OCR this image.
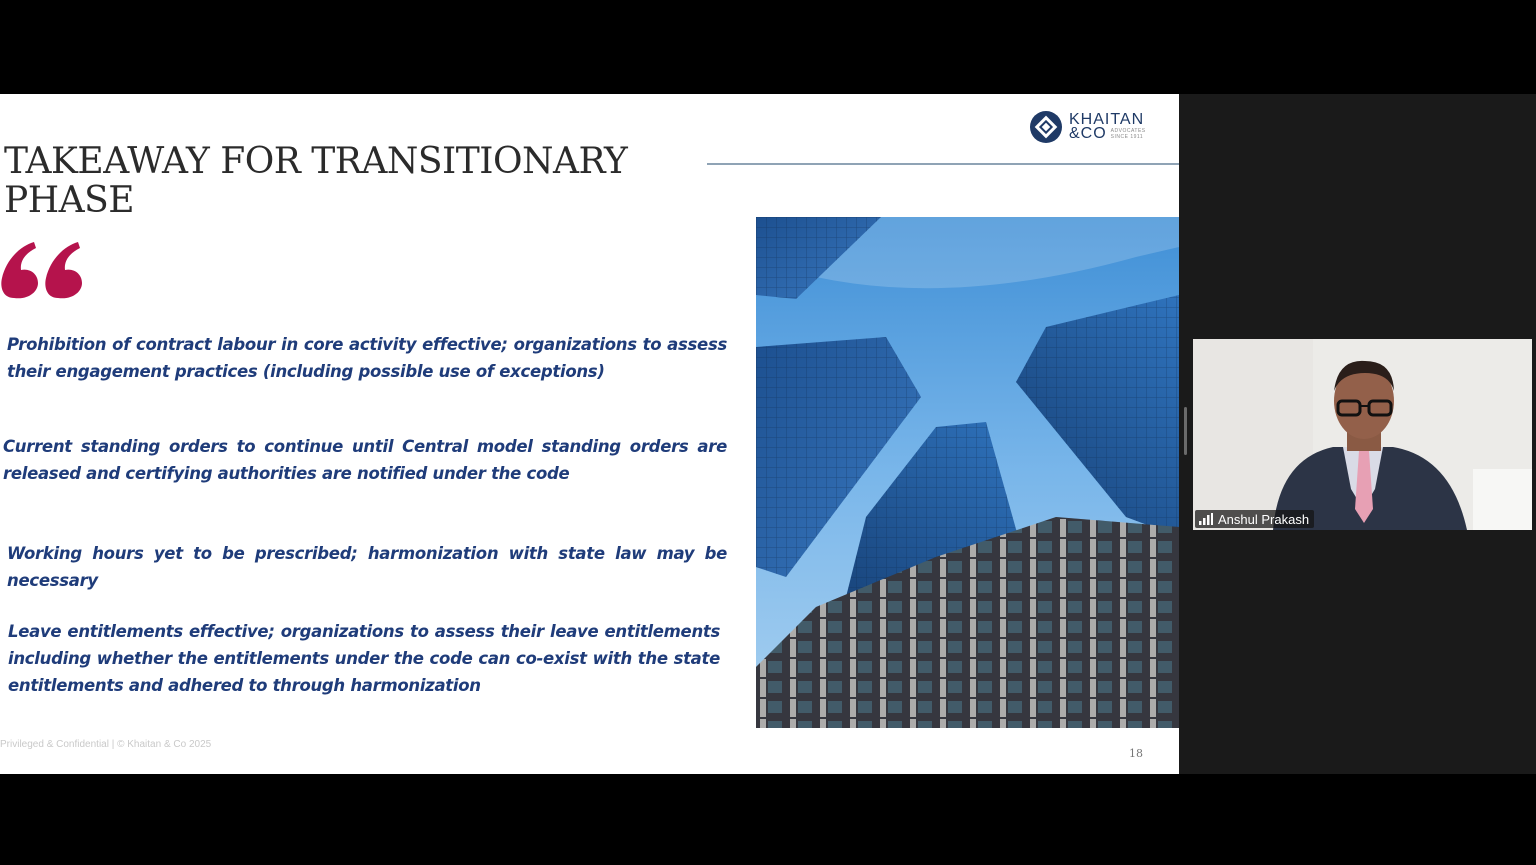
TAKEAWAY FOR TRANSITIONARY
PHASE
KHAITAN
&CO ADVOCATES
SINCE 1911
Prohibition of contract labour in core activity effective; organizations to assess their engagement practices (including possible use of exceptions)
Current standing orders to continue until Central model standing orders are released and certifying authorities are notified under the code
Working hours yet to be prescribed; harmonization with state law may be necessary
Leave entitlements effective; organizations to assess their leave entitlements including whether the entitlements under the code can co-exist with the state entitlements and adhered to through harmonization
Privileged & Confidential | © Khaitan & Co 2025
18
Anshul Prakash
